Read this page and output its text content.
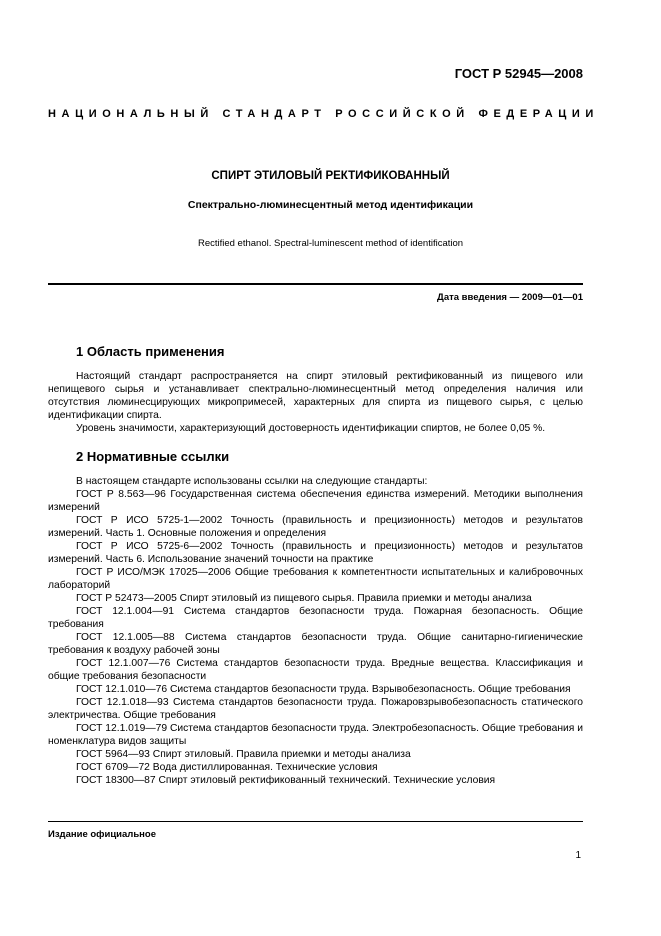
ГОСТ Р 52945—2008
НАЦИОНАЛЬНЫЙ СТАНДАРТ РОССИЙСКОЙ ФЕДЕРАЦИИ
СПИРТ ЭТИЛОВЫЙ РЕКТИФИКОВАННЫЙ
Спектрально-люминесцентный метод идентификации
Rectified ethanol. Spectral-luminescent method of identification
Дата введения — 2009—01—01
1 Область применения

Настоящий стандарт распространяется на спирт этиловый ректификованный из пищевого или непищевого сырья и устанавливает спектрально-люминесцентный метод определения наличия или отсутствия люминесцирующих микропримесей, характерных для спирта из пищевого сырья, с целью идентификации спирта.

Уровень значимости, характеризующий достоверность идентификации спиртов, не более 0,05 %.

2 Нормативные ссылки

В настоящем стандарте использованы ссылки на следующие стандарты:

ГОСТ Р 8.563—96 Государственная система обеспечения единства измерений. Методики выполнения измерений

ГОСТ Р ИСО 5725-1—2002 Точность (правильность и прецизионность) методов и результатов измерений. Часть 1. Основные положения и определения

ГОСТ Р ИСО 5725-6—2002 Точность (правильность и прецизионность) методов и результатов измерений. Часть 6. Использование значений точности на практике

ГОСТ Р ИСО/МЭК 17025—2006 Общие требования к компетентности испытательных и калибровочных лабораторий

ГОСТ Р 52473—2005 Спирт этиловый из пищевого сырья. Правила приемки и методы анализа

ГОСТ 12.1.004—91 Система стандартов безопасности труда. Пожарная безопасность. Общие требования

ГОСТ 12.1.005—88 Система стандартов безопасности труда. Общие санитарно-гигиенические требования к воздуху рабочей зоны

ГОСТ 12.1.007—76 Система стандартов безопасности труда. Вредные вещества. Классификация и общие требования безопасности

ГОСТ 12.1.010—76 Система стандартов безопасности труда. Взрывобезопасность. Общие требования

ГОСТ 12.1.018—93 Система стандартов безопасности труда. Пожаровзрывобезопасность статического электричества. Общие требования

ГОСТ 12.1.019—79 Система стандартов безопасности труда. Электробезопасность. Общие требования и номенклатура видов защиты

ГОСТ 5964—93 Спирт этиловый. Правила приемки и методы анализа

ГОСТ 6709—72 Вода дистиллированная. Технические условия

ГОСТ 18300—87 Спирт этиловый ректификованный технический. Технические условия

Издание официальное
1
